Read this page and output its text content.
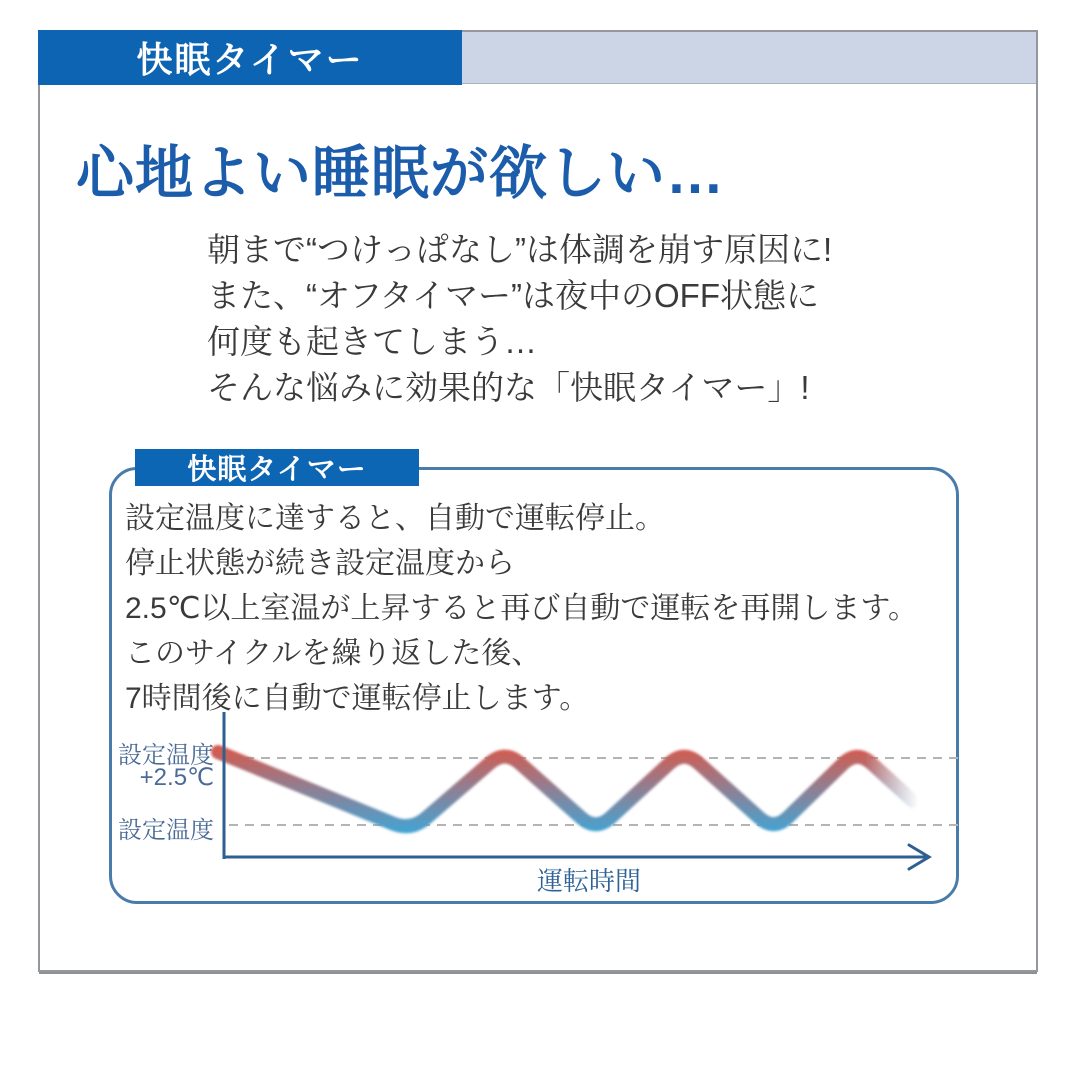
快眠タイマー
心地よい睡眠が欲しい…
朝まで“つけっぱなし”は体調を崩す原因に!
また、“オフタイマー”は夜中のOFF状態に
何度も起きてしまう…
そんな悩みに効果的な「快眠タイマー」!
快眠タイマー
設定温度に達すると、自動で運転停止。
停止状態が続き設定温度から
2.5℃以上室温が上昇すると再び自動で運転を再開します。
このサイクルを繰り返した後、
7時間後に自動で運転停止します。
設定温度
+2.5℃
設定温度
運転時間
